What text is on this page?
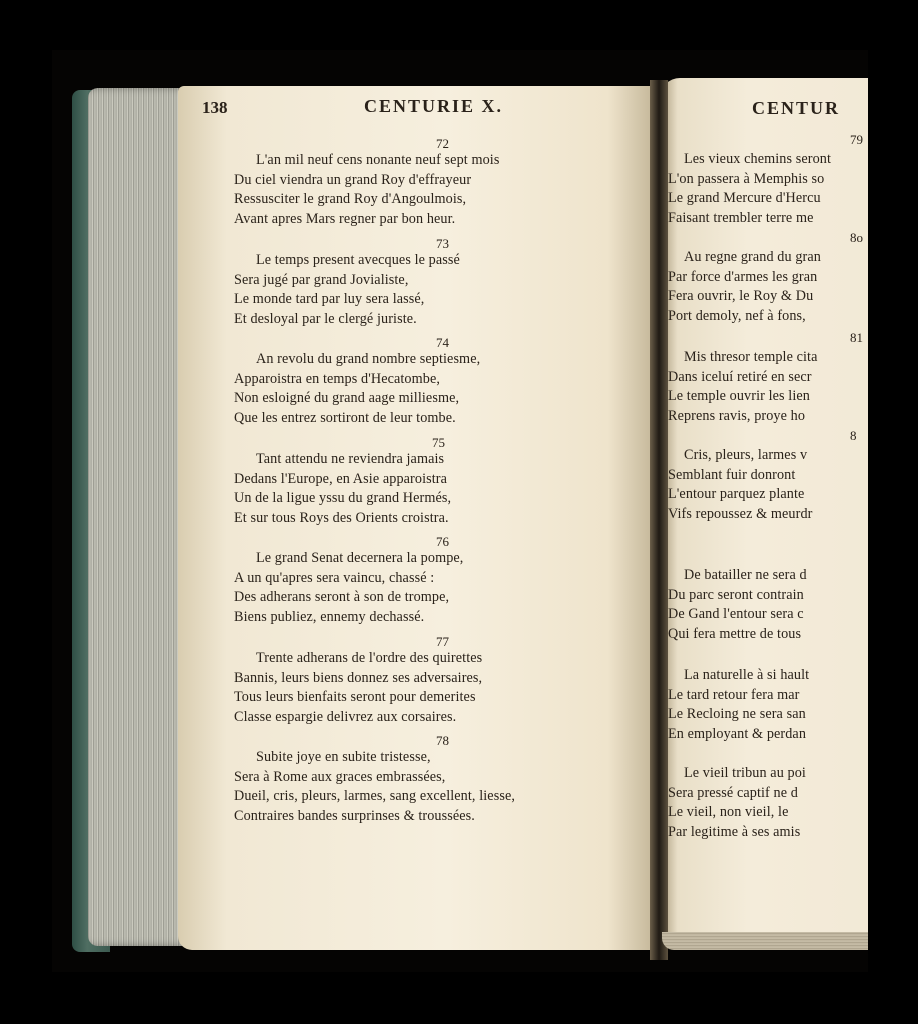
138	CENTURIE X.
72
L'an mil neuf cens nonante neuf sept mois
Du ciel viendra un grand Roy d'effrayeur
Ressusciter le grand Roy d'Angoulmois,
Avant apres Mars regner par bon heur.
73
Le temps present avecques le passé
Sera jugé par grand Jovialiste,
Le monde tard par luy sera lassé,
Et desloyal par le clergé juriste.
74
An revolu du grand nombre septiesme,
Apparoistra en temps d'Hecatombe,
Non esloigné du grand aage milliesme,
Que les entrez sortiront de leur tombe.
75
Tant attendu ne reviendra jamais
Dedans l'Europe, en Asie apparoistra
Un de la ligue yssu du grand Hermés,
Et sur tous Roys des Orients croistra.
76
Le grand Senat decernera la pompe,
A un qu'apres sera vaincu, chassé :
Des adherans seront à son de trompe,
Biens publiez, ennemy dechassé.
77
Trente adherans de l'ordre des quirettes
Bannis, leurs biens donnez ses adversaires,
Tous leurs bienfaits seront pour demerites
Classe espargie delivrez aux corsaires.
78
Subite joye en subite tristesse,
Sera à Rome aux graces embrassées,
Dueil, cris, pleurs, larmes, sang excellent, liesse,
Contraires bandes surprinses & troussées.
CENTUR
79
Les vieux chemins seront
L'on passera à Memphis so
Le grand Mercure d'Hercu
Faisant trembler terre me
8o
Au regne grand du gran
Par force d'armes les gran
Fera ouvrir, le Roy & Du
Port demoly, nef à fons,
81
Mis thresor temple cita
Dans iceluí retiré en secr
Le temple ouvrir les lien
Reprens ravis, proye ho
8
Cris, pleurs, larmes v
Semblant fuir donront
L'entour parquez plante
Vifs repoussez & meurdr
De batailler ne sera d
Du parc seront contrain
De Gand l'entour sera c
Qui fera mettre de tous
La naturelle à si hault
Le tard retour fera mar
Le Recloing ne sera san
En employant & perdan
Le vieil tribun au poi
Sera pressé captif ne d
Le vieil, non vieil, le
Par legitime à ses amis
